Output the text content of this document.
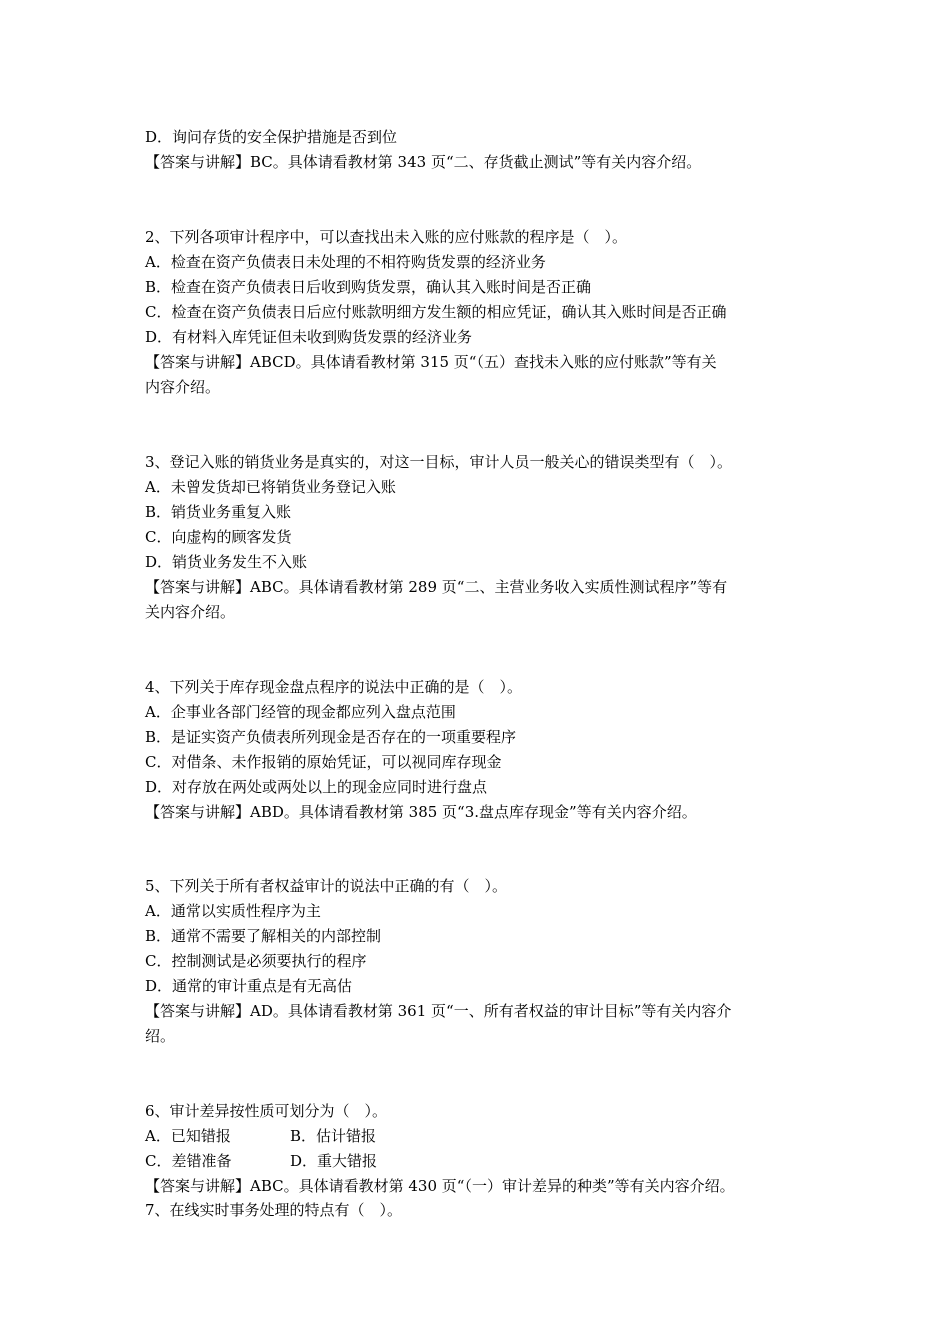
D．询问存货的安全保护措施是否到位
【答案与讲解】BC。具体请看教材第 343 页“二、存货截止测试”等有关内容介绍。
2、下列各项审计程序中，可以查找出未入账的应付账款的程序是（　）。
A．检查在资产负债表日未处理的不相符购货发票的经济业务
B．检查在资产负债表日后收到购货发票，确认其入账时间是否正确
C．检查在资产负债表日后应付账款明细方发生额的相应凭证，确认其入账时间是否正确
D．有材料入库凭证但未收到购货发票的经济业务
【答案与讲解】ABCD。具体请看教材第 315 页“（五）查找未入账的应付账款”等有关
内容介绍。
3、登记入账的销货业务是真实的，对这一目标，审计人员一般关心的错误类型有（　）。
A．未曾发货却已将销货业务登记入账
B．销货业务重复入账
C．向虚构的顾客发货
D．销货业务发生不入账
【答案与讲解】ABC。具体请看教材第 289 页“二、主营业务收入实质性测试程序”等有
关内容介绍。
4、下列关于库存现金盘点程序的说法中正确的是（　）。
A．企事业各部门经管的现金都应列入盘点范围
B．是证实资产负债表所列现金是否存在的一项重要程序
C．对借条、未作报销的原始凭证，可以视同库存现金
D．对存放在两处或两处以上的现金应同时进行盘点
【答案与讲解】ABD。具体请看教材第 385 页“3.盘点库存现金”等有关内容介绍。
5、下列关于所有者权益审计的说法中正确的有（　）。
A．通常以实质性程序为主
B．通常不需要了解相关的内部控制
C．控制测试是必须要执行的程序
D．通常的审计重点是有无高估
【答案与讲解】AD。具体请看教材第 361 页“一、所有者权益的审计目标”等有关内容介
绍。
6、审计差异按性质可划分为（　）。
A．已知错报	B．估计错报
C．差错准备	D．重大错报
【答案与讲解】ABC。具体请看教材第 430 页“（一）审计差异的种类”等有关内容介绍。
7、在线实时事务处理的特点有（　）。
